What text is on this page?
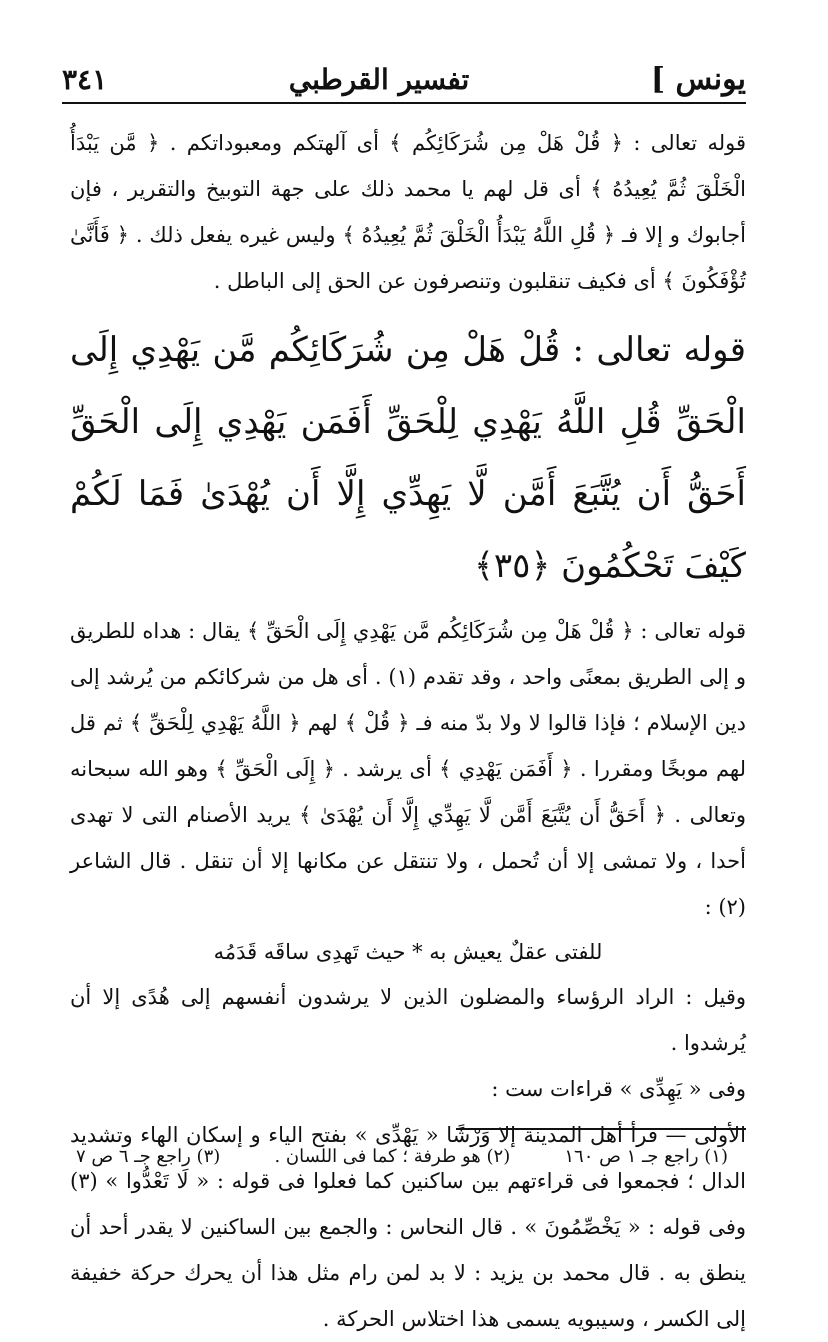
يونس ]
تفسير القرطبي
٣٤١

قوله تعالى : ﴿ قُلْ هَلْ مِن شُرَكَائِكُم ﴾ أى آلهتكم ومعبوداتكم . ﴿ مَّن يَبْدَأُ الْخَلْقَ ثُمَّ يُعِيدُهُ ﴾ أى قل لهم يا محمد ذلك على جهة التوبيخ والتقرير ، فإن أجابوك و إلا فـ ﴿ قُلِ اللَّهُ يَبْدَأُ الْخَلْقَ ثُمَّ يُعِيدُهُ ﴾ وليس غيره يفعل ذلك . ﴿ فَأَنَّىٰ تُؤْفَكُونَ ﴾ أى فكيف تنقلبون وتنصرفون عن الحق إلى الباطل .

قوله تعالى : قُلْ هَلْ مِن شُرَكَائِكُم مَّن يَهْدِي إِلَى الْحَقِّ قُلِ اللَّهُ يَهْدِي لِلْحَقِّ أَفَمَن يَهْدِي إِلَى الْحَقِّ أَحَقُّ أَن يُتَّبَعَ أَمَّن لَّا يَهِدِّي إِلَّا أَن يُهْدَىٰ فَمَا لَكُمْ كَيْفَ تَحْكُمُونَ ﴿٣٥﴾

قوله تعالى : ﴿ قُلْ هَلْ مِن شُرَكَائِكُم مَّن يَهْدِي إِلَى الْحَقِّ ﴾ يقال : هداه للطريق و إلى الطريق بمعنًى واحد ، وقد تقدم (١) . أى هل من شركائكم من يُرشد إلى دين الإسلام ؛ فإذا قالوا لا ولا بدّ منه فـ ﴿ قُلْ ﴾ لهم ﴿ اللَّهُ يَهْدِي لِلْحَقِّ ﴾ ثم قل لهم موبخًا ومقررا . ﴿ أَفَمَن يَهْدِي ﴾ أى يرشد . ﴿ إِلَى الْحَقِّ ﴾ وهو الله سبحانه وتعالى . ﴿ أَحَقُّ أَن يُتَّبَعَ أَمَّن لَّا يَهِدِّي إِلَّا أَن يُهْدَىٰ ﴾ يريد الأصنام التى لا تهدى أحدا ، ولا تمشى إلا أن تُحمل ، ولا تنتقل عن مكانها إلا أن تنقل . قال الشاعر (٢) :

للفتى عقلٌ يعيش به * حيث تَهدِى ساقَه قَدَمُه

وقيل : الراد الرؤساء والمضلون الذين لا يرشدون أنفسهم إلى هُدًى إلا أن يُرشدوا .

وفى « يَهِدِّى » قراءات ست :

الأولى — قرأ أهل المدينة إلا وَرْشًا « يَهْدِّى » بفتح الياء و إسكان الهاء وتشديد الدال ؛ فجمعوا فى قراءتهم بين ساكنين كما فعلوا فى قوله : « لَا تَعْدُّوا » (٣) وفى قوله : « يَخْصِّمُونَ » . قال النحاس : والجمع بين الساكنين لا يقدر أحد أن ينطق به . قال محمد بن يزيد : لا بد لمن رام مثل هذا أن يحرك حركة خفيفة إلى الكسر ، وسيبويه يسمى هذا اختلاس الحركة .

(١) راجع جـ ١ ص ١٦٠
(٢) هو طرفة ؛ كما فى اللسان .
(٣) راجع جـ ٦ ص ٧
